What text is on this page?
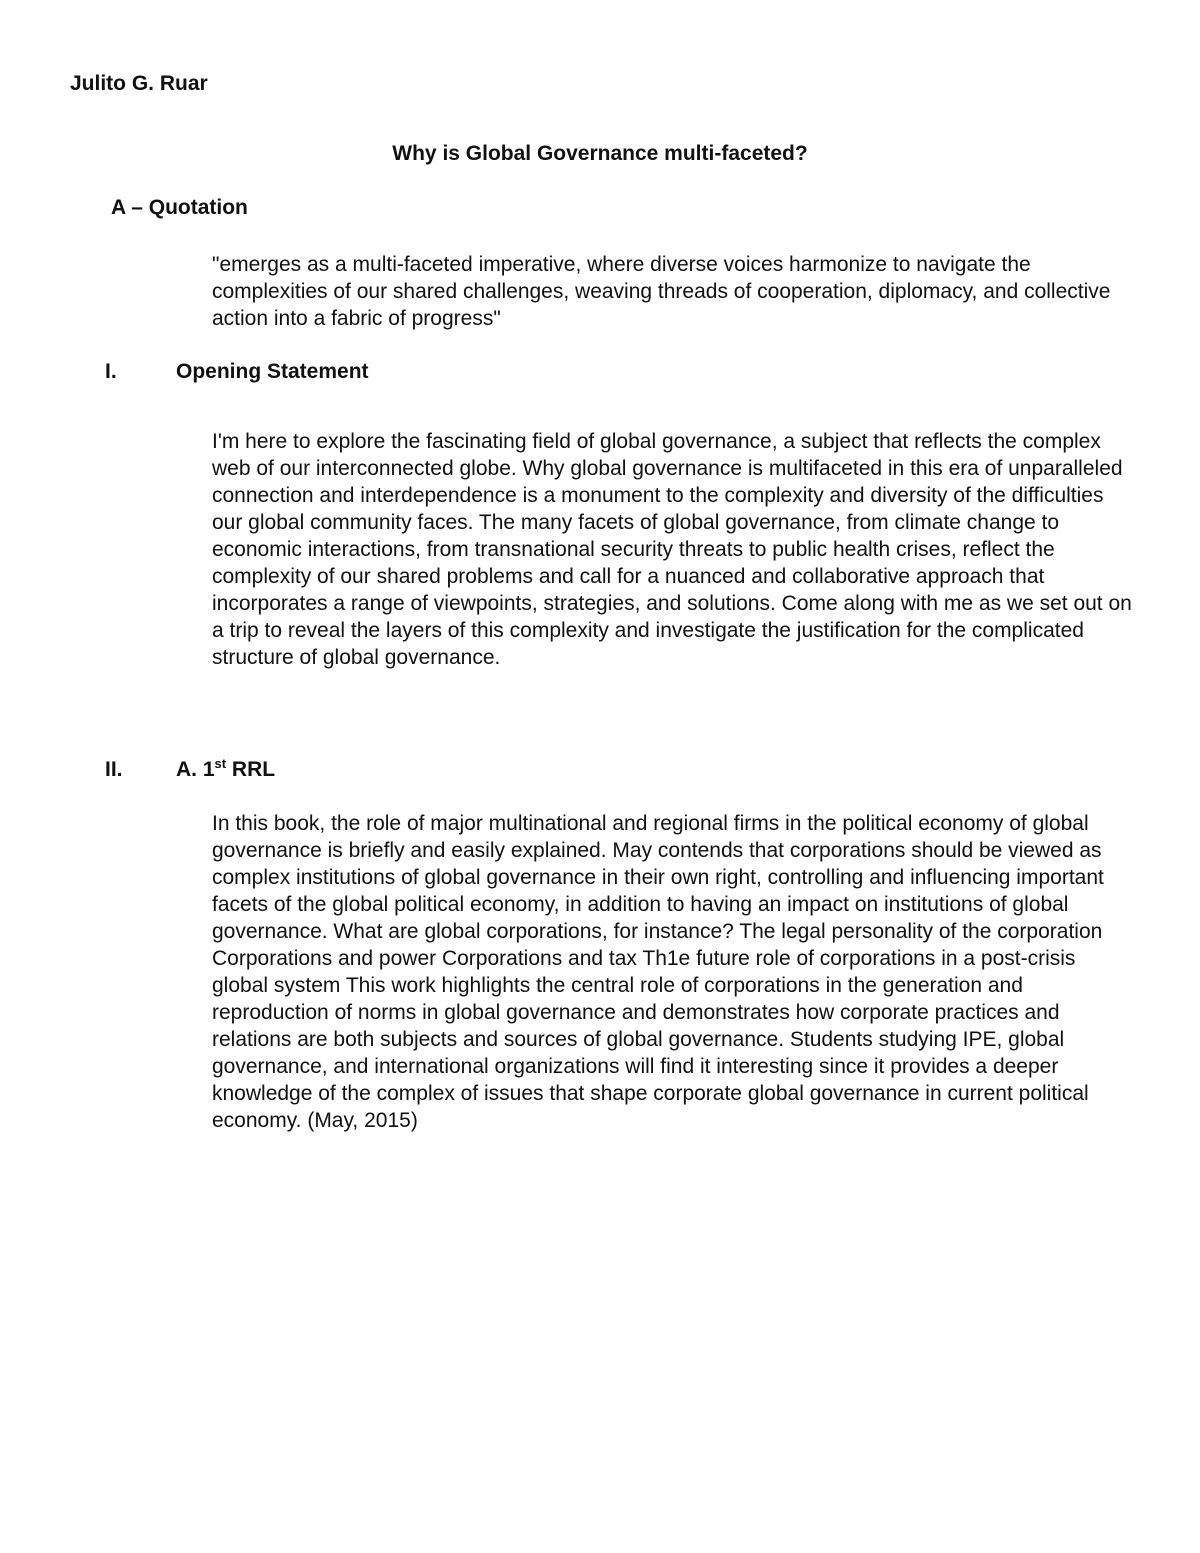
Julito G. Ruar

Why is Global Governance multi-faceted?
A – Quotation

"emerges as a multi-faceted imperative, where diverse voices harmonize to navigate the complexities of our shared challenges, weaving threads of cooperation, diplomacy, and collective action into a fabric of progress"

I.	Opening Statement

I'm here to explore the fascinating field of global governance, a subject that reflects the complex web of our interconnected globe. Why global governance is multifaceted in this era of unparalleled connection and interdependence is a monument to the complexity and diversity of the difficulties our global community faces. The many facets of global governance, from climate change to economic interactions, from transnational security threats to public health crises, reflect the complexity of our shared problems and call for a nuanced and collaborative approach that incorporates a range of viewpoints, strategies, and solutions. Come along with me as we set out on a trip to reveal the layers of this complexity and investigate the justification for the complicated structure of global governance.

II.	A. 1st RRL

In this book, the role of major multinational and regional firms in the political economy of global governance is briefly and easily explained. May contends that corporations should be viewed as complex institutions of global governance in their own right, controlling and influencing important facets of the global political economy, in addition to having an impact on institutions of global governance. What are global corporations, for instance? The legal personality of the corporation Corporations and power Corporations and tax Th1e future role of corporations in a post-crisis global system This work highlights the central role of corporations in the generation and reproduction of norms in global governance and demonstrates how corporate practices and relations are both subjects and sources of global governance. Students studying IPE, global governance, and international organizations will find it interesting since it provides a deeper knowledge of the complex of issues that shape corporate global governance in current political economy. (May, 2015)
